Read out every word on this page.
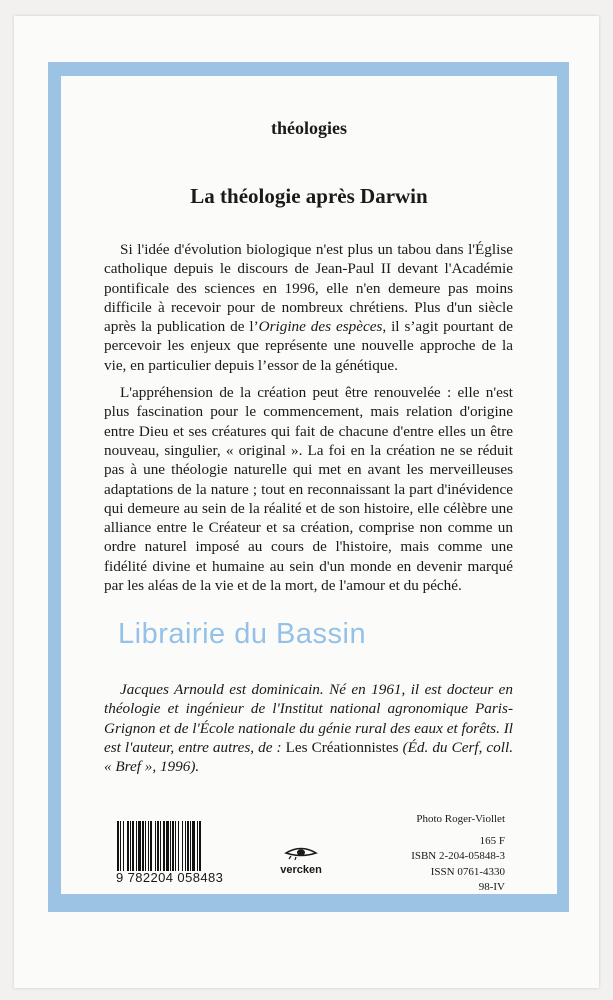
théologies
La théologie après Darwin

Si l'idée d'évolution biologique n'est plus un tabou dans l'Église catholique depuis le discours de Jean-Paul II devant l'Académie pontificale des sciences en 1996, elle n'en demeure pas moins difficile à recevoir pour de nombreux chrétiens. Plus d'un siècle après la publication de l’Origine des espèces, il s’agit pourtant de percevoir les enjeux que représente une nouvelle approche de la vie, en particulier depuis l’essor de la génétique.

L'appréhension de la création peut être renouvelée : elle n'est plus fascination pour le commencement, mais relation d'origine entre Dieu et ses créatures qui fait de chacune d'entre elles un être nouveau, singulier, « original ». La foi en la création ne se réduit pas à une théologie naturelle qui met en avant les merveilleuses adaptations de la nature ; tout en reconnaissant la part d'inévidence qui demeure au sein de la réalité et de son histoire, elle célèbre une alliance entre le Créateur et sa création, comprise non comme un ordre naturel imposé au cours de l'histoire, mais comme une fidélité divine et humaine au sein d'un monde en devenir marqué par les aléas de la vie et de la mort, de l'amour et du péché.

Jacques Arnould est dominicain. Né en 1961, il est docteur en théologie et ingénieur de l'Institut national agronomique Paris-Grignon et de l'École nationale du génie rural des eaux et forêts. Il est l'auteur, entre autres, de : Les Créationnistes (Éd. du Cerf, coll. « Bref », 1996).

Photo Roger-Viollet
165 F
ISBN 2-204-05848-3
ISSN 0761-4330
98-IV
9 782204 058483	vercken
Librairie du Bassin
